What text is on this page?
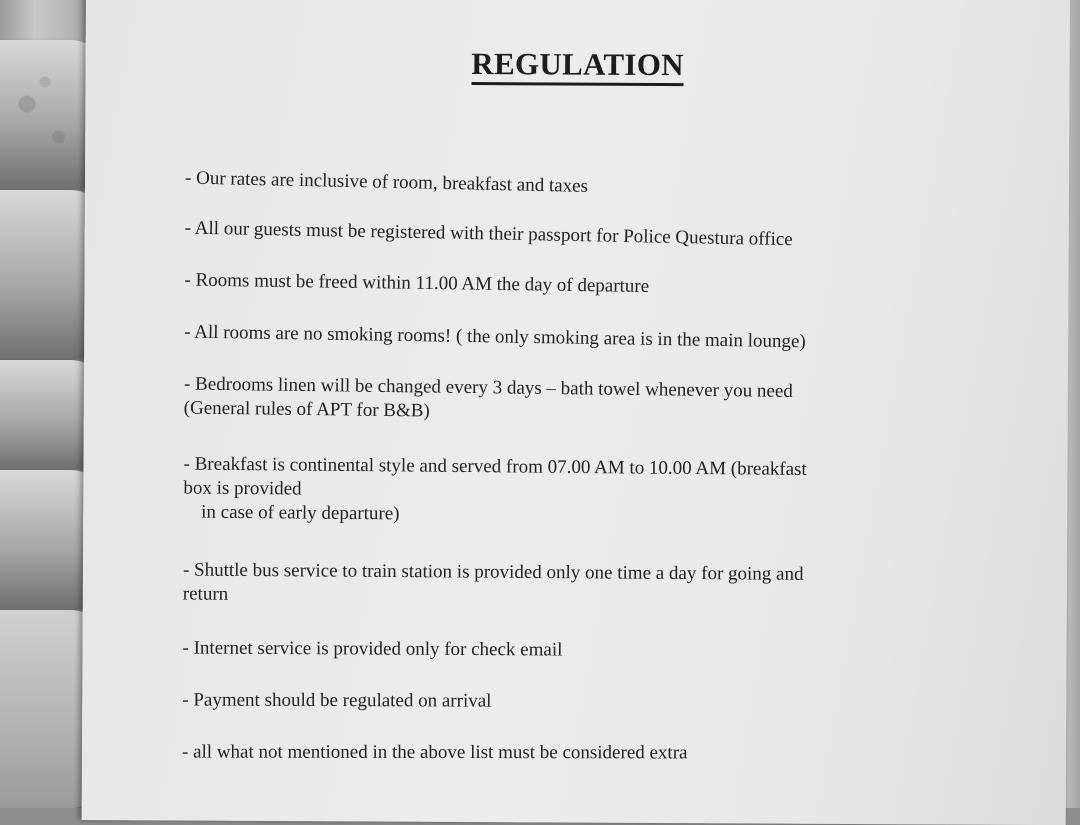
REGULATION
- Our rates are inclusive of room, breakfast and taxes
- All our guests must be registered with their passport for Police Questura office
- Rooms must be freed within 11.00 AM the day of departure
- All rooms are no smoking rooms! ( the only smoking area is in the main lounge)
- Bedrooms linen will be changed every 3 days – bath towel whenever you need
(General rules of APT for B&B)
- Breakfast is continental style and served from 07.00 AM to 10.00 AM (breakfast
box is provided
in case of early departure)
- Shuttle bus service to train station is provided only one time a day for going and
return
- Internet service is provided only for check email
- Payment should be regulated on arrival
- all what not mentioned in the above list must be considered extra
